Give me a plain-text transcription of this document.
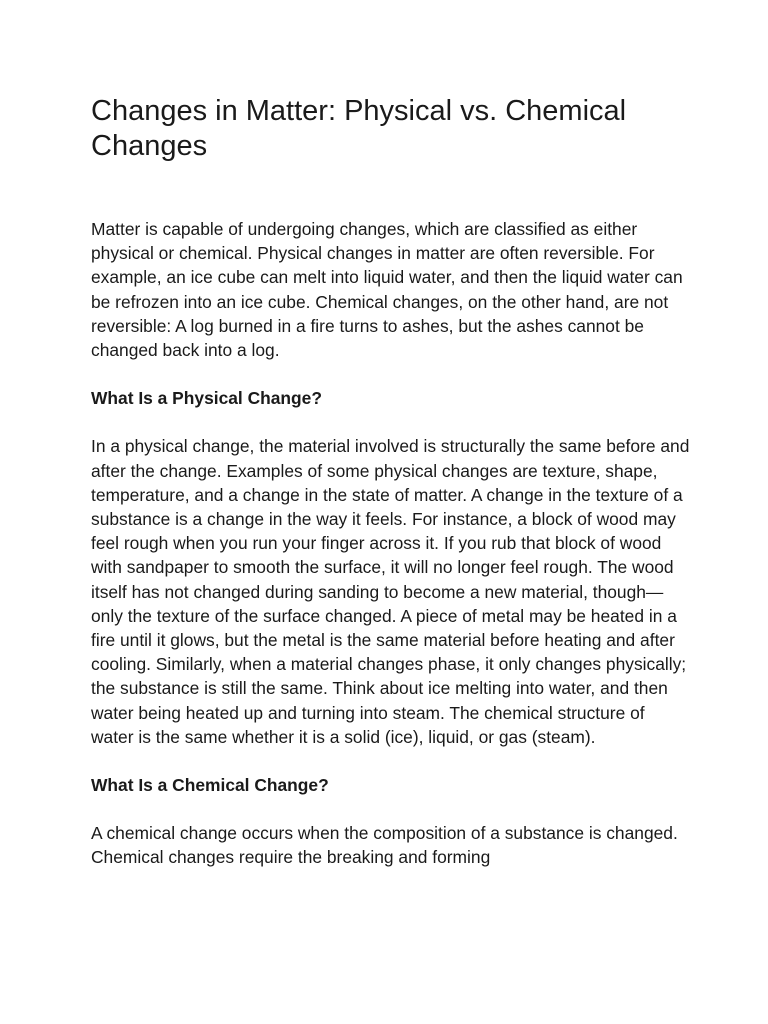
Changes in Matter: Physical vs. Chemical Changes

Matter is capable of undergoing changes, which are classified as either physical or chemical. Physical changes in matter are often reversible. For example, an ice cube can melt into liquid water, and then the liquid water can be refrozen into an ice cube. Chemical changes, on the other hand, are not reversible: A log burned in a fire turns to ashes, but the ashes cannot be changed back into a log.

What Is a Physical Change?

In a physical change, the material involved is structurally the same before and after the change. Examples of some physical changes are texture, shape, temperature, and a change in the state of matter. A change in the texture of a substance is a change in the way it feels. For instance, a block of wood may feel rough when you run your finger across it. If you rub that block of wood with sandpaper to smooth the surface, it will no longer feel rough. The wood itself has not changed during sanding to become a new material, though—only the texture of the surface changed. A piece of metal may be heated in a fire until it glows, but the metal is the same material before heating and after cooling. Similarly, when a material changes phase, it only changes physically; the substance is still the same. Think about ice melting into water, and then water being heated up and turning into steam. The chemical structure of water is the same whether it is a solid (ice), liquid, or gas (steam).

What Is a Chemical Change?

A chemical change occurs when the composition of a substance is changed. Chemical changes require the breaking and forming
